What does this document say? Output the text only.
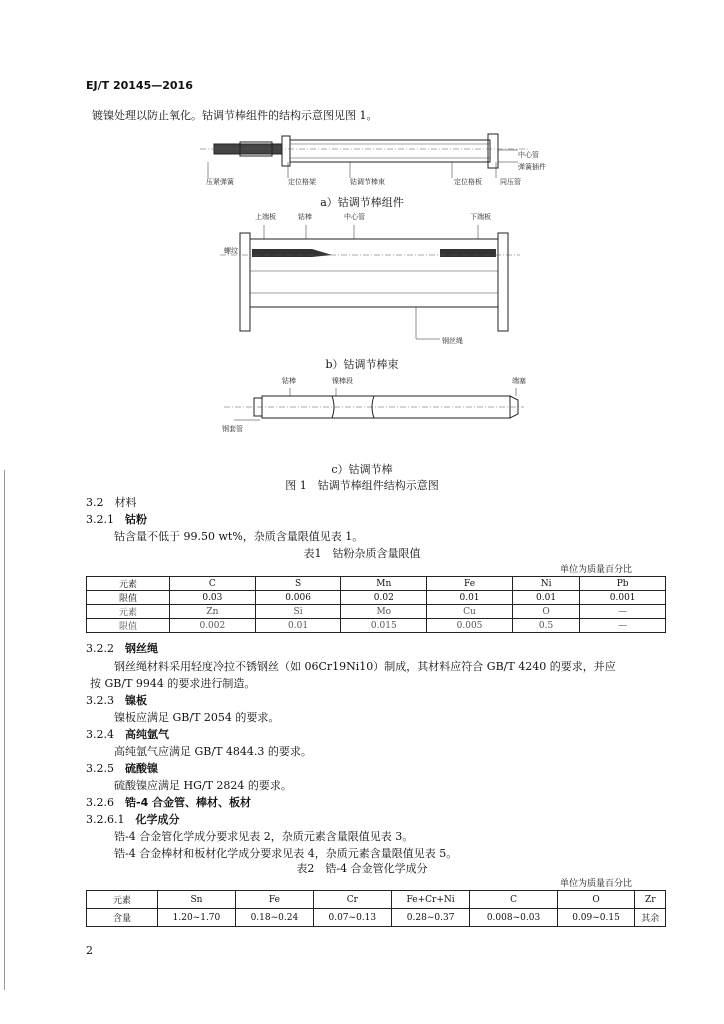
EJ/T 20145—2016
镀镍处理以防止氧化。钴调节棒组件的结构示意图见图 1。
压紧弹簧	定位格架	钴调节棒束	定位格板	同压管
中心管
弹簧插件
a）钴调节棒组件
上端板	钴棒	中心管	下端板
螺纹
钢丝绳
b）钴调节棒束
钴棒	镍棒段	端塞
钢套管
c）钴调节棒
图 1　钴调节棒组件结构示意图
3.2　材料
3.2.1　 钴粉
钴含量不低于 99.50 wt%，杂质含量限值见表 1。
表1　钴粉杂质含量限值
单位为质量百分比
元素	C	S	Mn	Fe	Ni	Pb
限值	0.03	0.006	0.02	0.01	0.01	0.001
元素	Zn	Si	Mo	Cu	O	—
限值	0.002	0.01	0.015	0.005	0.5	—
3.2.2　 钢丝绳
钢丝绳材料采用轻度冷拉不锈钢丝（如 06Cr19Ni10）制成，其材料应符合 GB/T 4240 的要求，并应
按 GB/T 9944 的要求进行制造。
3.2.3　 镍板
镍板应满足 GB/T 2054 的要求。
3.2.4　 高纯氩气
高纯氩气应满足 GB/T 4844.3 的要求。
3.2.5　 硫酸镍
硫酸镍应满足 HG/T 2824 的要求。
3.2.6　 锆-4 合金管、棒材、板材
3.2.6.1　 化学成分
锆-4 合金管化学成分要求见表 2，杂质元素含量限值见表 3。
锆-4 合金棒材和板材化学成分要求见表 4，杂质元素含量限值见表 5。
表2　锆-4 合金管化学成分
单位为质量百分比
元素	Sn	Fe	Cr	Fe+Cr+Ni	C	O	Zr
含量	1.20~1.70	0.18~0.24	0.07~0.13	0.28~0.37	0.008~0.03	0.09~0.15	其余
2
